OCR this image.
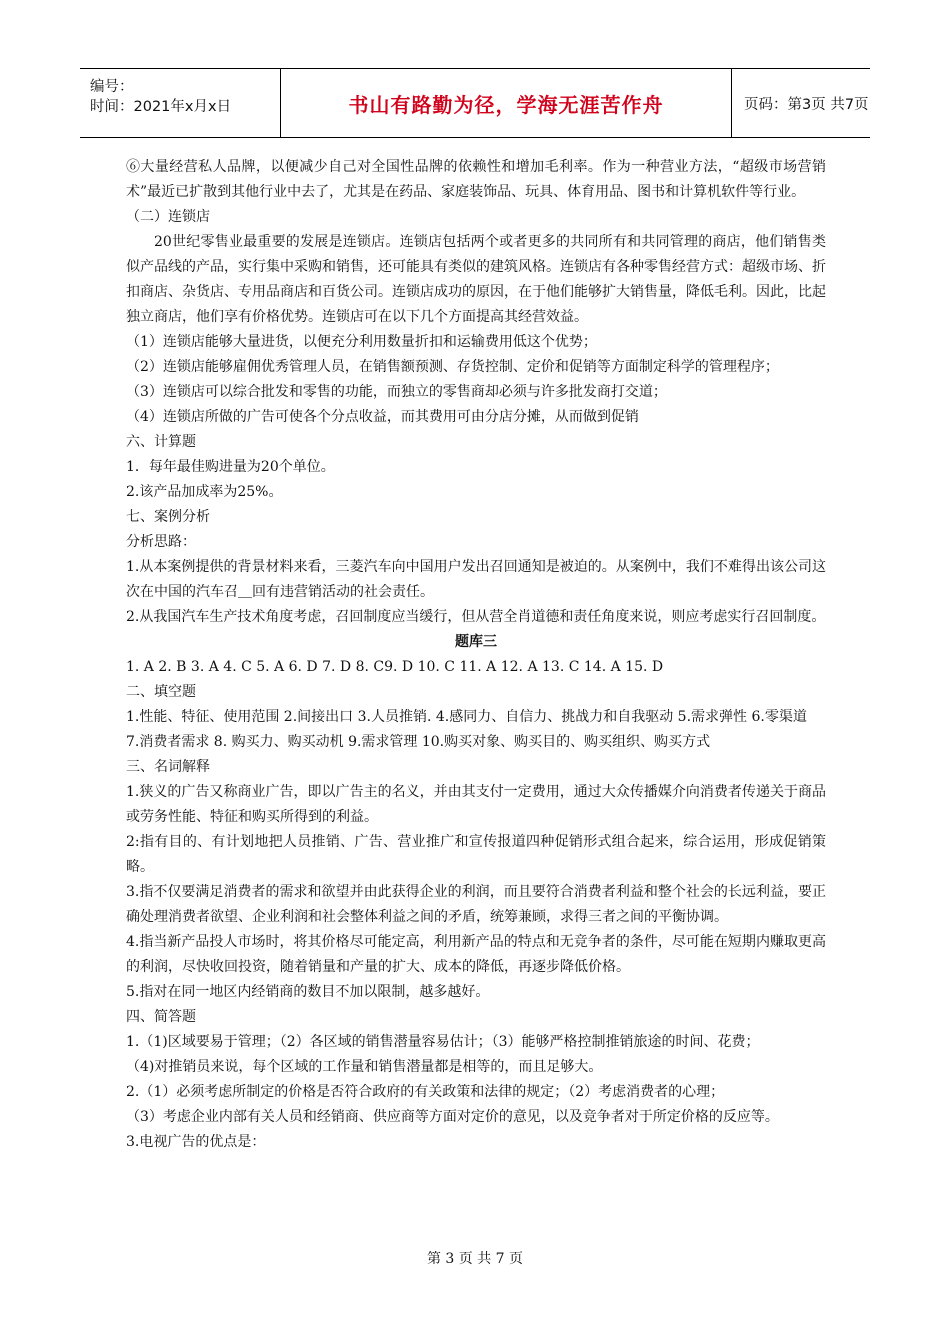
编号：
时间：2021年x月x日	书山有路勤为径，学海无涯苦作舟	页码：第3页 共7页

⑥大量经营私人品牌，以便减少自己对全国性品牌的依赖性和增加毛利率。作为一种营业方法，“超级市场营销术”最近已扩散到其他行业中去了，尤其是在药品、家庭装饰品、玩具、体育用品、图书和计算机软件等行业。

（二）连锁店

20世纪零售业最重要的发展是连锁店。连锁店包括两个或者更多的共同所有和共同管理的商店，他们销售类似产品线的产品，实行集中采购和销售，还可能具有类似的建筑风格。连锁店有各种零售经营方式：超级市场、折扣商店、杂货店、专用品商店和百货公司。连锁店成功的原因，在于他们能够扩大销售量，降低毛利。因此，比起独立商店，他们享有价格优势。连锁店可在以下几个方面提高其经营效益。

（1）连锁店能够大量进货，以便充分利用数量折扣和运输费用低这个优势；

（2）连锁店能够雇佣优秀管理人员，在销售额预测、存货控制、定价和促销等方面制定科学的管理程序；

（3）连锁店可以综合批发和零售的功能，而独立的零售商却必须与许多批发商打交道；

（4）连锁店所做的广告可使各个分点收益，而其费用可由分店分摊，从而做到促销

六、计算题

1．每年最佳购进量为20个单位。

2.该产品加成率为25%。

七、案例分析

分析思路：

1.从本案例提供的背景材料来看，三菱汽车向中国用户发出召回通知是被迫的。从案例中，我们不难得出该公司这次在中国的汽车召＿回有违营销活动的社会责任。

2.从我国汽车生产技术角度考虑，召回制度应当缓行，但从营全肖道德和责任角度来说，则应考虑实行召回制度。

题库三

1. A 2. B 3. A 4. C 5. A 6. D 7. D 8. C9. D 10. C 11. A 12. A 13. C 14. A 15. D

二、填空题

1.性能、特征、使用范围 2.间接出口 3.人员推销. 4.感同力、自信力、挑战力和自我驱动 5.需求弹性 6.零渠道

7.消费者需求 8. 购买力、购买动机 9.需求管理 10.购买对象、购买目的、购买组织、购买方式

三、名词解释

1.狭义的广告又称商业广告，即以广告主的名义，并由其支付一定费用，通过大众传播媒介向消费者传递关于商品或劳务性能、特征和购买所得到的利益。

2:指有目的、有计划地把人员推销、广告、营业推广和宣传报道四种促销形式组合起来，综合运用，形成促销策略。

3.指不仅要满足消费者的需求和欲望并由此获得企业的利润，而且要符合消费者利益和整个社会的长远利益，要正确处理消费者欲望、企业利润和社会整体利益之间的矛盾，统筹兼顾，求得三者之间的平衡协调。

4.指当新产品投人市场时，将其价格尽可能定高，利用新产品的特点和无竞争者的条件，尽可能在短期内赚取更高的利润，尽快收回投资，随着销量和产量的扩大、成本的降低，再逐步降低价格。

5.指对在同一地区内经销商的数目不加以限制，越多越好。

四、简答题

1.（1)区域要易于管理；（2）各区域的销售潜量容易估计；（3）能够严格控制推销旅途的时间、花费；

（4)对推销员来说，每个区域的工作量和销售潜量都是相等的，而且足够大。

2.（1）必须考虑所制定的价格是否符合政府的有关政策和法律的规定；（2）考虑消费者的心理；

（3）考虑企业内部有关人员和经销商、供应商等方面对定价的意见，以及竞争者对于所定价格的反应等。

3.电视广告的优点是：

第 3 页 共 7 页
